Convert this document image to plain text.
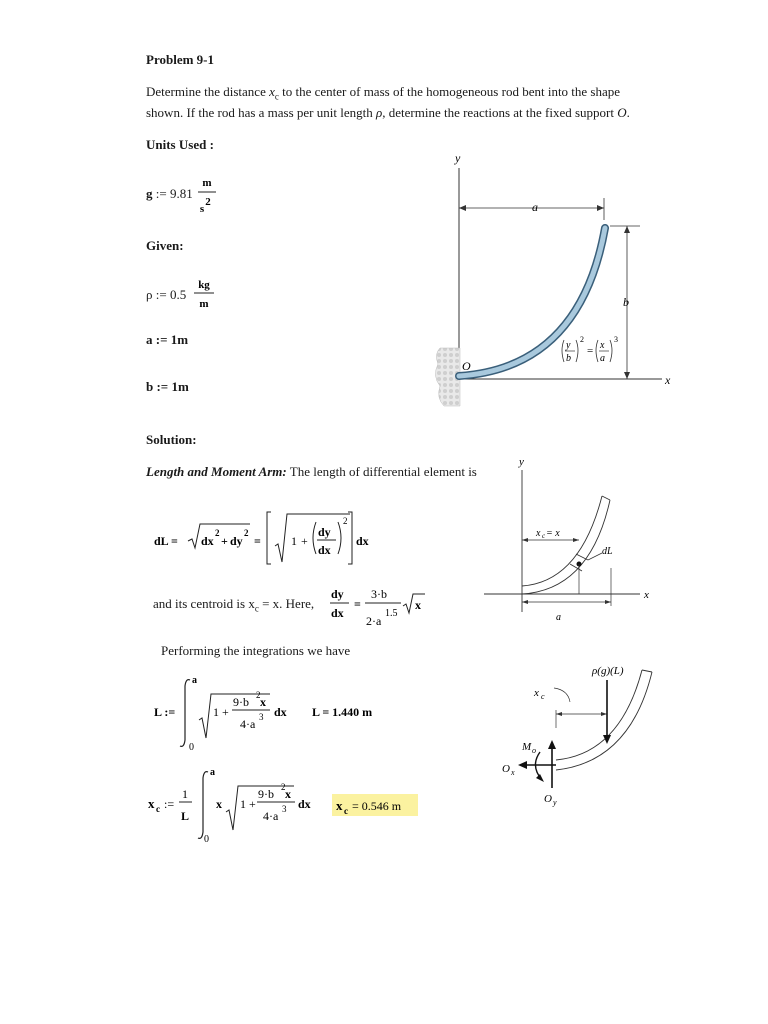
Problem 9-1
Determine the distance $x_c$ to the center of mass of the homogeneous rod bent into the shape
shown. If the rod has a mass per unit length ρ, determine the reactions at the fixed support O.
Units Used :
g := 9.81
m
2
s
Given:
ρ := 0.5
kg
m
a := 1m
b := 1m
Solution:
Length and Moment Arm: The length of differential element is
dL = dx
2
+ dy
2
=	1 +
dy
dx
2
dx
and its centroid is $x_c = x$. Here,
dy
dx
=
3·b
2·a
1.5
x
Performing the integrations we have
L :=
a
0
1 +
9·b 2 x
4·a 3 dx L = 1.440 m
x c :=
1
L
a
0
x 1 +
9·b 2 x
4·a 3 dx x c = 0.546 m
y
x
O
a
b
y
b
2
= x
a
3
y
x
x c = x
dL
a
ρ(g)(L)
x c
M o
O x
O y
